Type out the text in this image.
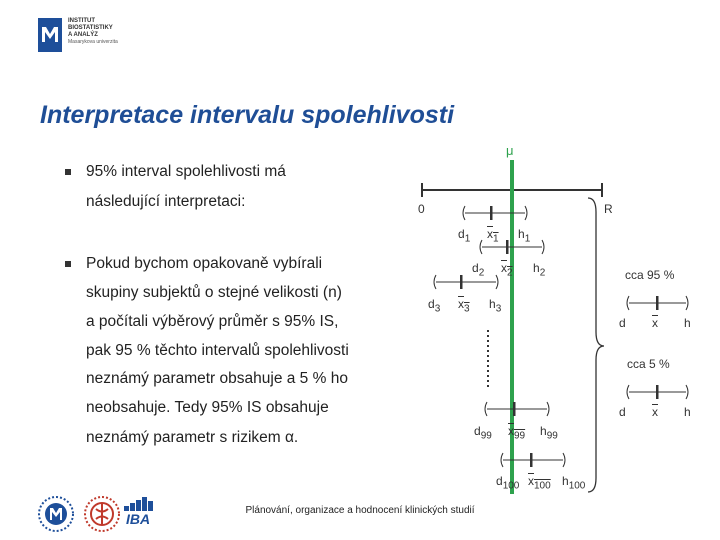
INSTITUT
BIOSTATISTIKY
A ANALÝZ
Masarykova univerzita
Interpretace intervalu spolehlivosti
95% interval spolehlivosti má
následující interpretaci:
Pokud bychom opakovaně vybírali
skupiny subjektů o stejné velikosti (n)
a počítali výběrový průměr s 95% IS,
pak 95 % těchto intervalů spolehlivosti
neznámý parametr obsahuje a 5 % ho
neobsahuje. Tedy 95% IS obsahuje
neznámý parametr s rizikem α.
μ
0	R
$d_1$ $x_1$ $h_1$
$d_2$ $x_2$ $h_2$
$d_3$ $x_3$ $h_3$
$d_{99}$ $x_{99}$ $h_{99}$
$d_{100}$ $x_{100}$ $h_{100}$
cca 95 %
d $\overline{x}$ h
cca 5 %
d $\overline{x}$ h
IBA
Plánování, organizace a hodnocení klinických studií
